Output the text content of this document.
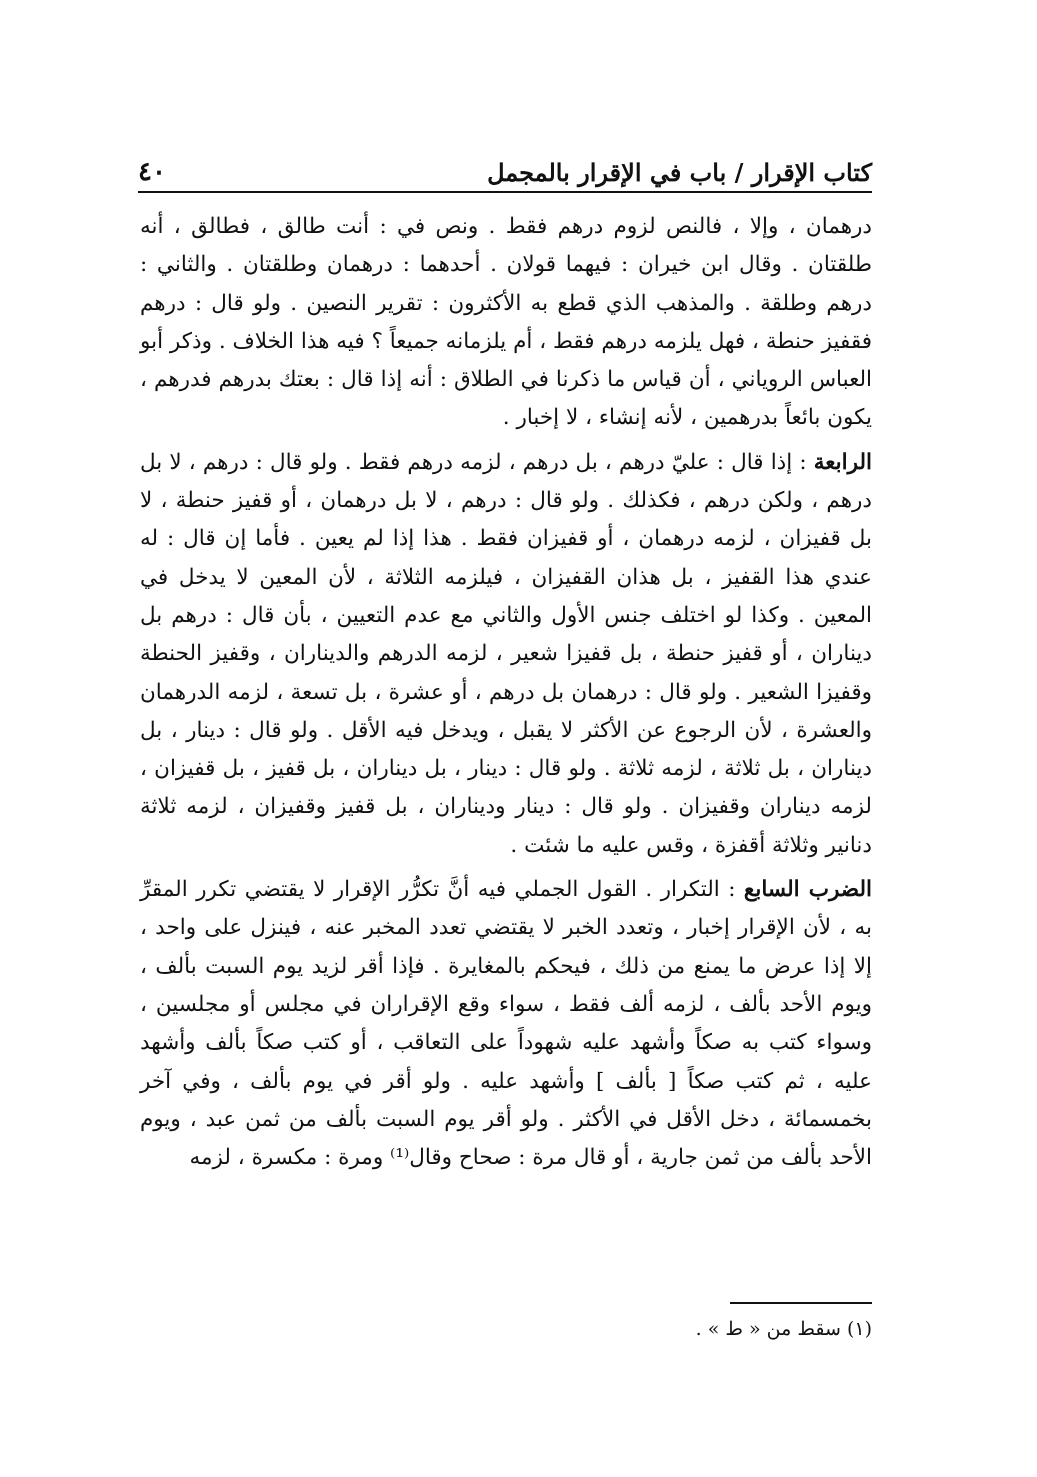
كتاب الإقرار / باب في الإقرار بالمجمل
٤٠

درهمان ، وإلا ، فالنص لزوم درهم فقط . ونص في : أنت طالق ، فطالق ، أنه طلقتان . وقال ابن خيران : فيهما قولان . أحدهما : درهمان وطلقتان . والثاني : درهم وطلقة . والمذهب الذي قطع به الأكثرون : تقرير النصين . ولو قال : درهم فقفيز حنطة ، فهل يلزمه درهم فقط ، أم يلزمانه جميعاً ؟ فيه هذا الخلاف . وذكر أبو العباس الروياني ، أن قياس ما ذكرنا في الطلاق : أنه إذا قال : بعتك بدرهم فدرهم ، يكون بائعاً بدرهمين ، لأنه إنشاء ، لا إخبار .

الرابعة : إذا قال : عليّ درهم ، بل درهم ، لزمه درهم فقط . ولو قال : درهم ، لا بل درهم ، ولكن درهم ، فكذلك . ولو قال : درهم ، لا بل درهمان ، أو قفيز حنطة ، لا بل قفيزان ، لزمه درهمان ، أو قفيزان فقط . هذا إذا لم يعين . فأما إن قال : له عندي هذا القفيز ، بل هذان القفيزان ، فيلزمه الثلاثة ، لأن المعين لا يدخل في المعين . وكذا لو اختلف جنس الأول والثاني مع عدم التعيين ، بأن قال : درهم بل ديناران ، أو قفيز حنطة ، بل قفيزا شعير ، لزمه الدرهم والديناران ، وقفيز الحنطة وقفيزا الشعير . ولو قال : درهمان بل درهم ، أو عشرة ، بل تسعة ، لزمه الدرهمان والعشرة ، لأن الرجوع عن الأكثر لا يقبل ، ويدخل فيه الأقل . ولو قال : دينار ، بل ديناران ، بل ثلاثة ، لزمه ثلاثة . ولو قال : دينار ، بل ديناران ، بل قفيز ، بل قفيزان ، لزمه ديناران وقفيزان . ولو قال : دينار وديناران ، بل قفيز وقفيزان ، لزمه ثلاثة دنانير وثلاثة أقفزة ، وقس عليه ما شئت .

الضرب السابع : التكرار . القول الجملي فيه أنَّ تكرُّر الإقرار لا يقتضي تكرر المقرِّ به ، لأن الإقرار إخبار ، وتعدد الخبر لا يقتضي تعدد المخبر عنه ، فينزل على واحد ، إلا إذا عرض ما يمنع من ذلك ، فيحكم بالمغايرة . فإذا أقر لزيد يوم السبت بألف ، ويوم الأحد بألف ، لزمه ألف فقط ، سواء وقع الإقراران في مجلس أو مجلسين ، وسواء كتب به صكاً وأشهد عليه شهوداً على التعاقب ، أو كتب صكاً بألف وأشهد عليه ، ثم كتب صكاً [ بألف ] وأشهد عليه . ولو أقر في يوم بألف ، وفي آخر بخمسمائة ، دخل الأقل في الأكثر . ولو أقر يوم السبت بألف من ثمن عبد ، ويوم الأحد بألف من ثمن جارية ، أو قال مرة : صحاح وقال⁽¹⁾ ومرة : مكسرة ، لزمه

(١) سقط من « ط » .
